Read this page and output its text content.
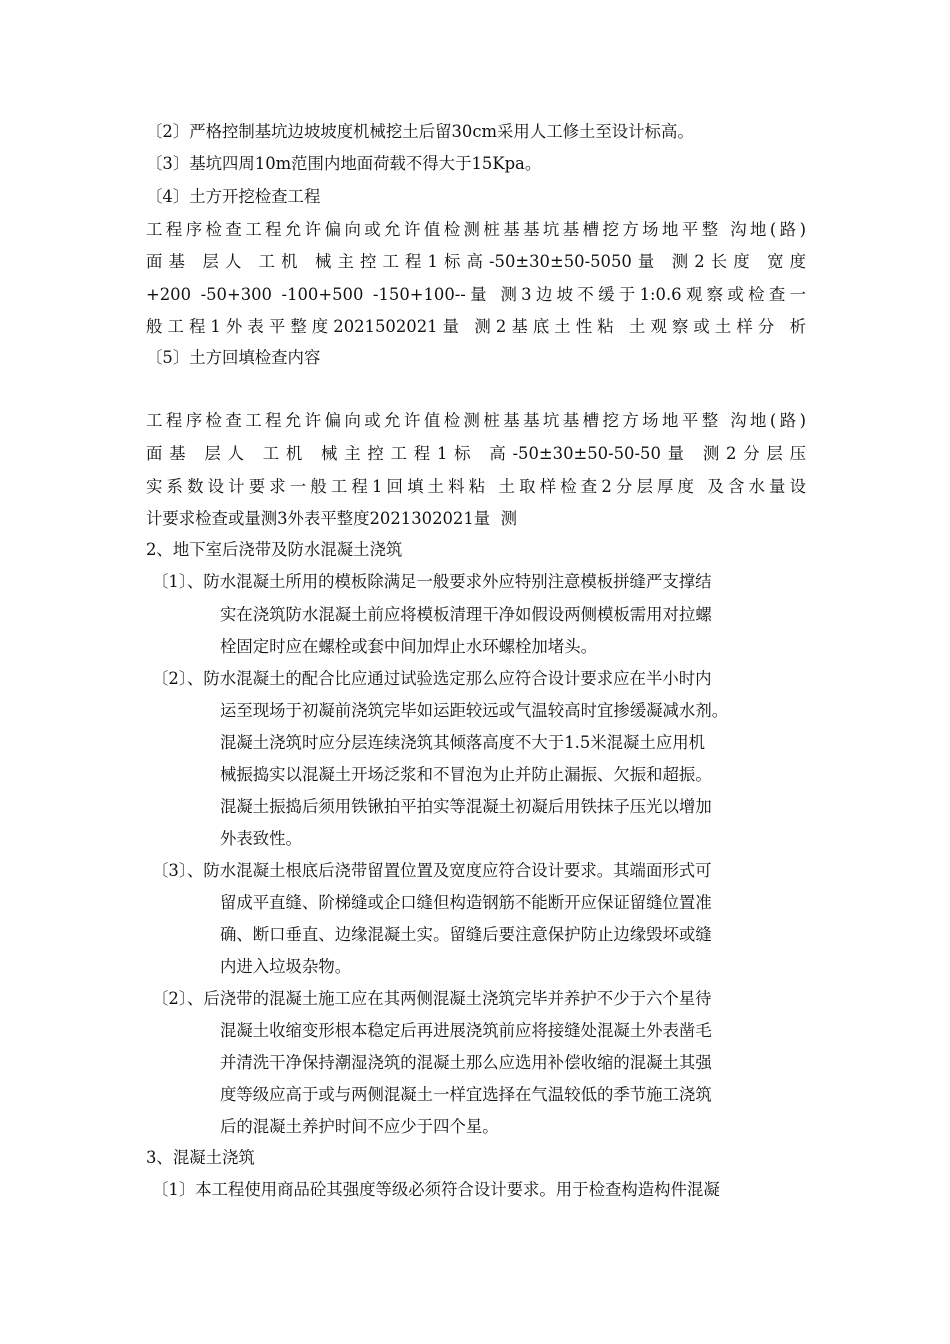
〔2〕严格控制基坑边坡坡度机械挖土后留30cm采用人工修土至设计标高。
〔3〕基坑四周10m范围内地面荷载不得大于15Kpa。
〔4〕土方开挖检查工程
工程序检查工程允许偏向或允许值检测桩基基坑基槽挖方场地平整 沟地(路)
面基 层人 工机 械主控工程1标高-50±30±50-5050量 测2长度 宽度
+200 -50+300 -100+500 -150+100--量 测3边坡不缓于1:0.6观察或检查一
般工程1外表平整度2021502021量 测2基底土性粘 土观察或土样分 析
〔5〕土方回填检查内容
工程序检查工程允许偏向或允许值检测桩基基坑基槽挖方场地平整 沟地(路)
面基 层人 工机 械主控工程1标 高-50±30±50-50-50量 测2分层压
实系数设计要求一般工程1回填土料粘 土取样检查2分层厚度 及含水量设
计要求检查或量测3外表平整度2021302021量  测
2、地下室后浇带及防水混凝土浇筑
〔1〕、防水混凝土所用的模板除满足一般要求外应特别注意模板拼缝严支撑结
实在浇筑防水混凝土前应将模板清理干净如假设两侧模板需用对拉螺
栓固定时应在螺栓或套中间加焊止水环螺栓加堵头。
〔2〕、防水混凝土的配合比应通过试验选定那么应符合设计要求应在半小时内
运至现场于初凝前浇筑完毕如运距较远或气温较高时宜掺缓凝减水剂。
混凝土浇筑时应分层连续浇筑其倾落高度不大于1.5米混凝土应用机
械振捣实以混凝土开场泛浆和不冒泡为止并防止漏振、欠振和超振。
混凝土振捣后须用铁锹拍平拍实等混凝土初凝后用铁抹子压光以增加
外表致性。
〔3〕、防水混凝土根底后浇带留置位置及宽度应符合设计要求。其端面形式可
留成平直缝、阶梯缝或企口缝但构造钢筋不能断开应保证留缝位置准
确、断口垂直、边缘混凝土实。留缝后要注意保护防止边缘毁坏或缝
内进入垃圾杂物。
〔2〕、后浇带的混凝土施工应在其两侧混凝土浇筑完毕并养护不少于六个星待
混凝土收缩变形根本稳定后再进展浇筑前应将接缝处混凝土外表凿毛
并清洗干净保持潮湿浇筑的混凝土那么应选用补偿收缩的混凝土其强
度等级应高于或与两侧混凝土一样宜选择在气温较低的季节施工浇筑
后的混凝土养护时间不应少于四个星。
3、混凝土浇筑
〔1〕本工程使用商品砼其强度等级必须符合设计要求。用于检查构造构件混凝
